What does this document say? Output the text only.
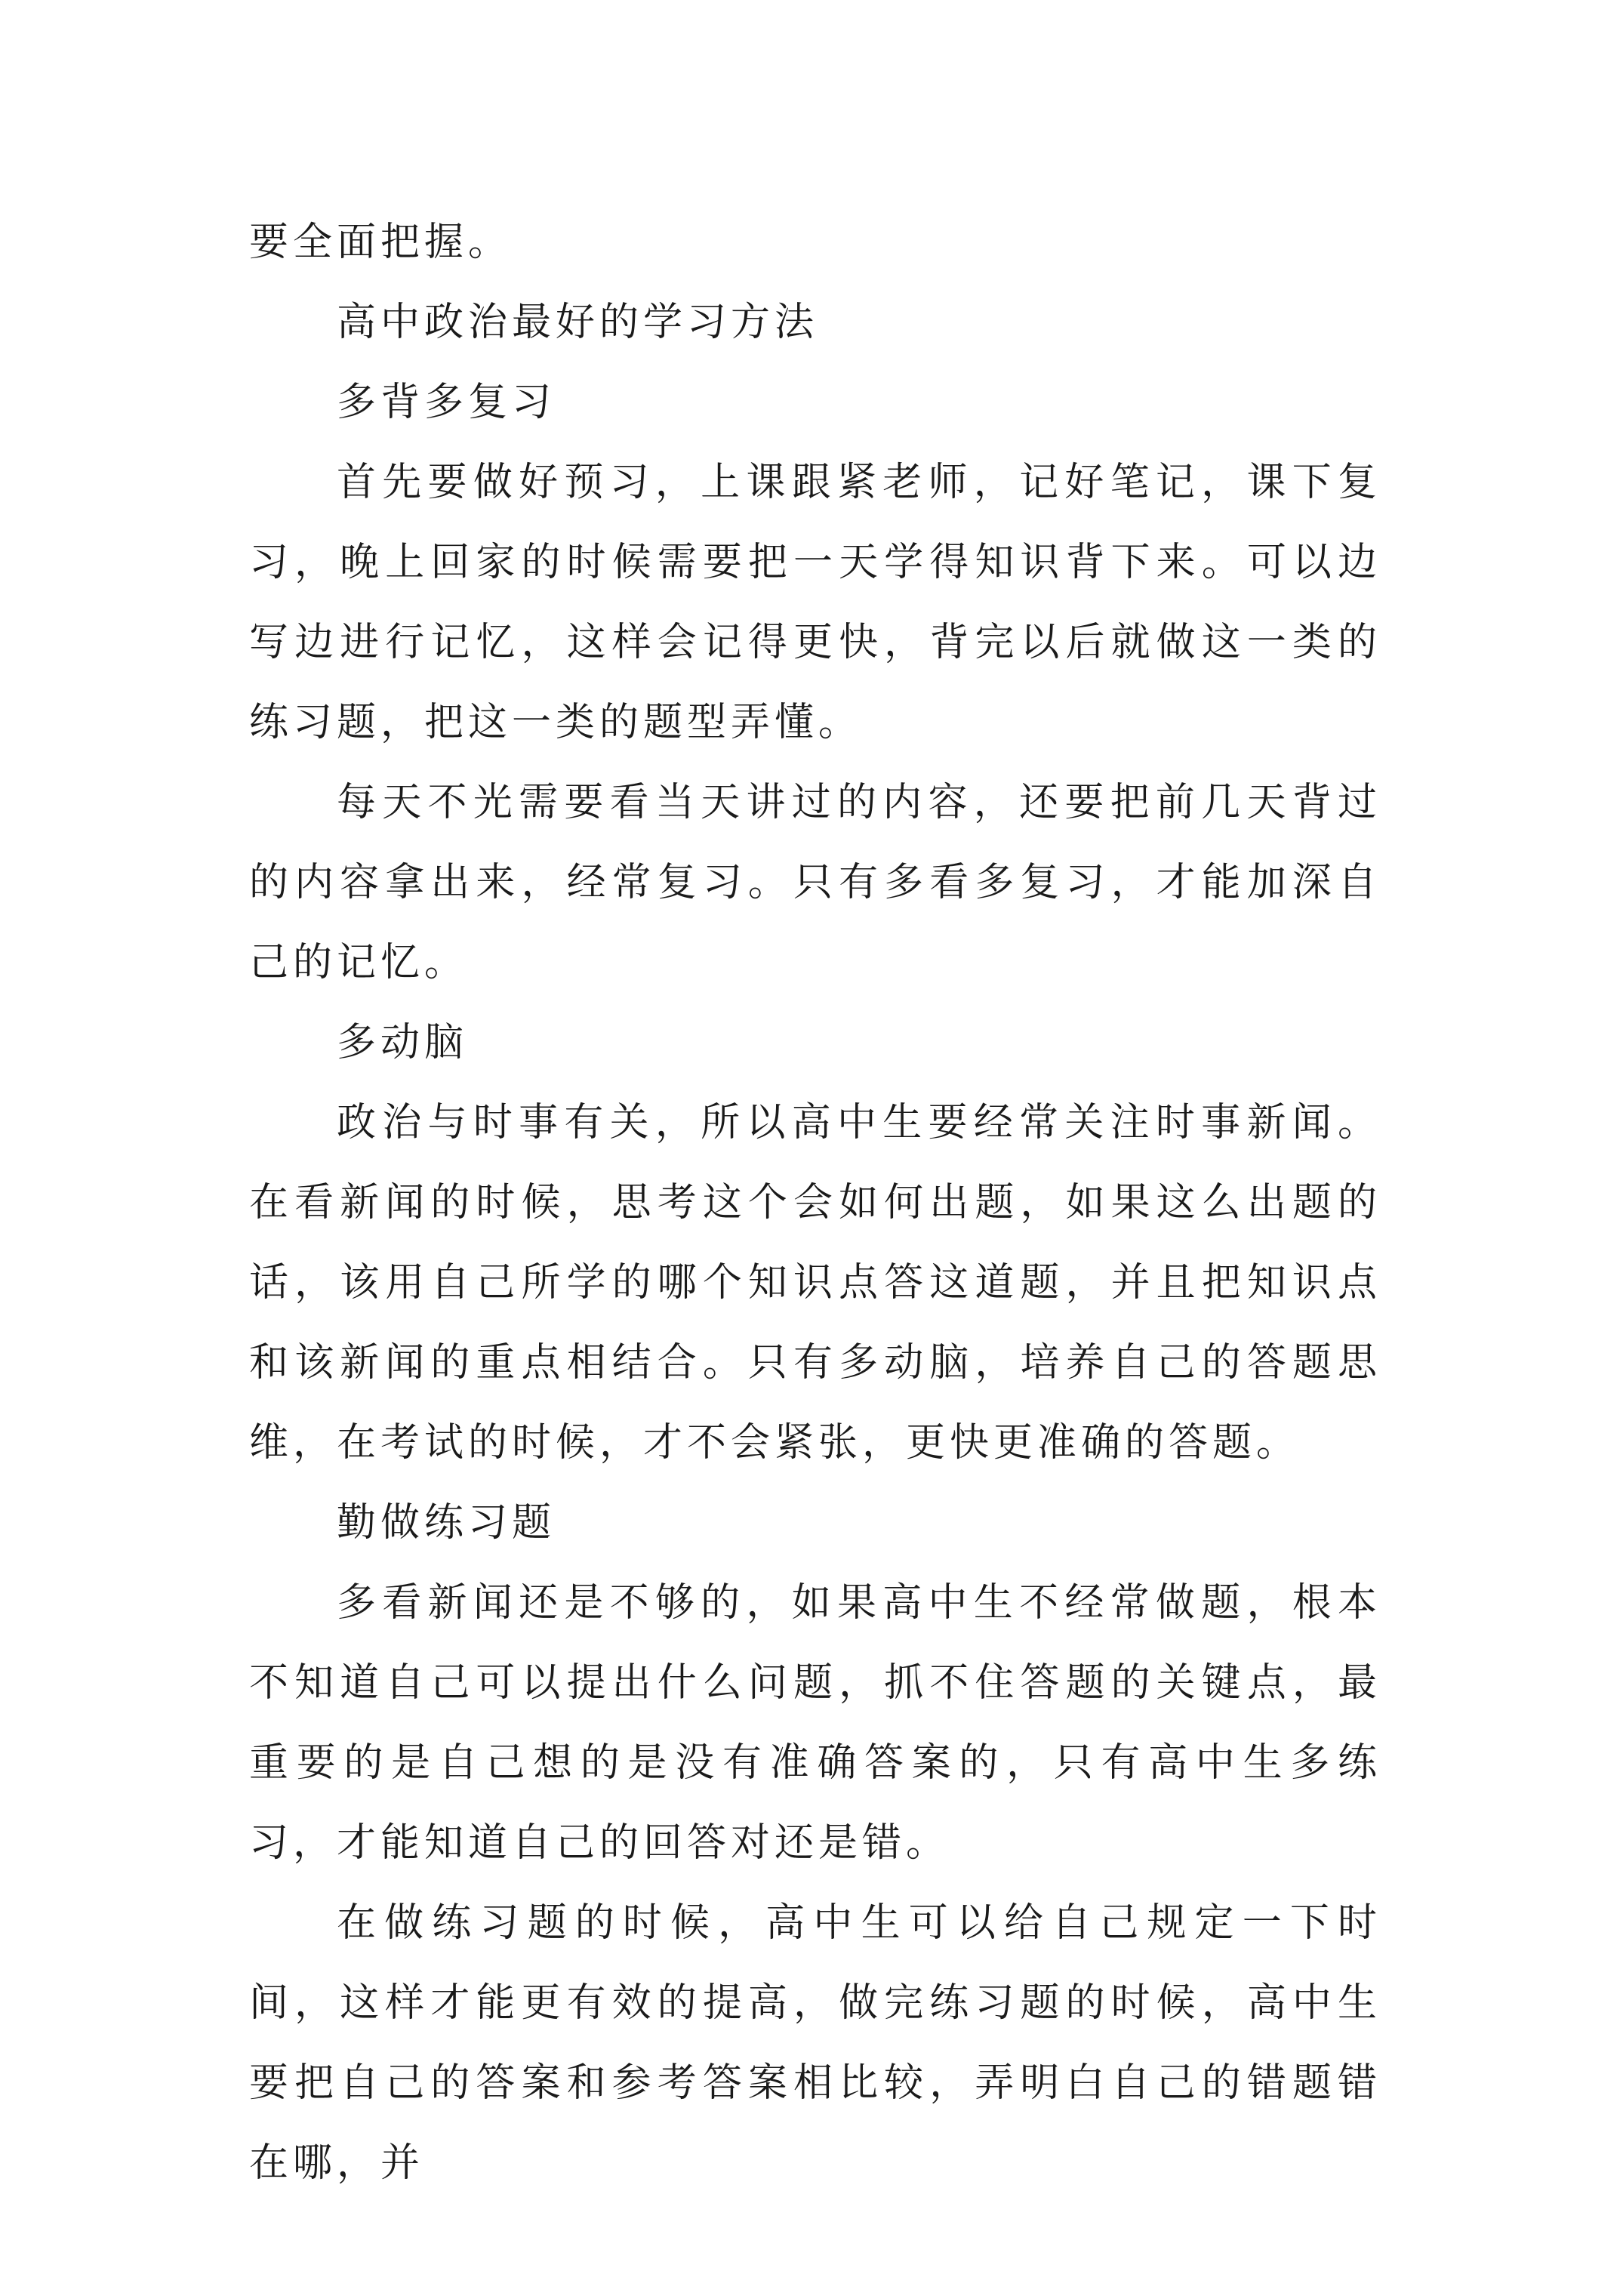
要全面把握。

高中政治最好的学习方法

多背多复习

首先要做好预习，上课跟紧老师，记好笔记，课下复习，晚上回家的时候需要把一天学得知识背下来。可以边写边进行记忆，这样会记得更快，背完以后就做这一类的练习题，把这一类的题型弄懂。

每天不光需要看当天讲过的内容，还要把前几天背过的内容拿出来，经常复习。只有多看多复习，才能加深自己的记忆。

多动脑

政治与时事有关，所以高中生要经常关注时事新闻。在看新闻的时候，思考这个会如何出题，如果这么出题的话，该用自己所学的哪个知识点答这道题，并且把知识点和该新闻的重点相结合。只有多动脑，培养自己的答题思维，在考试的时候，才不会紧张，更快更准确的答题。

勤做练习题

多看新闻还是不够的，如果高中生不经常做题，根本不知道自己可以提出什么问题，抓不住答题的关键点，最重要的是自己想的是没有准确答案的，只有高中生多练习，才能知道自己的回答对还是错。

在做练习题的时候，高中生可以给自己规定一下时间，这样才能更有效的提高，做完练习题的时候，高中生要把自己的答案和参考答案相比较，弄明白自己的错题错在哪，并
